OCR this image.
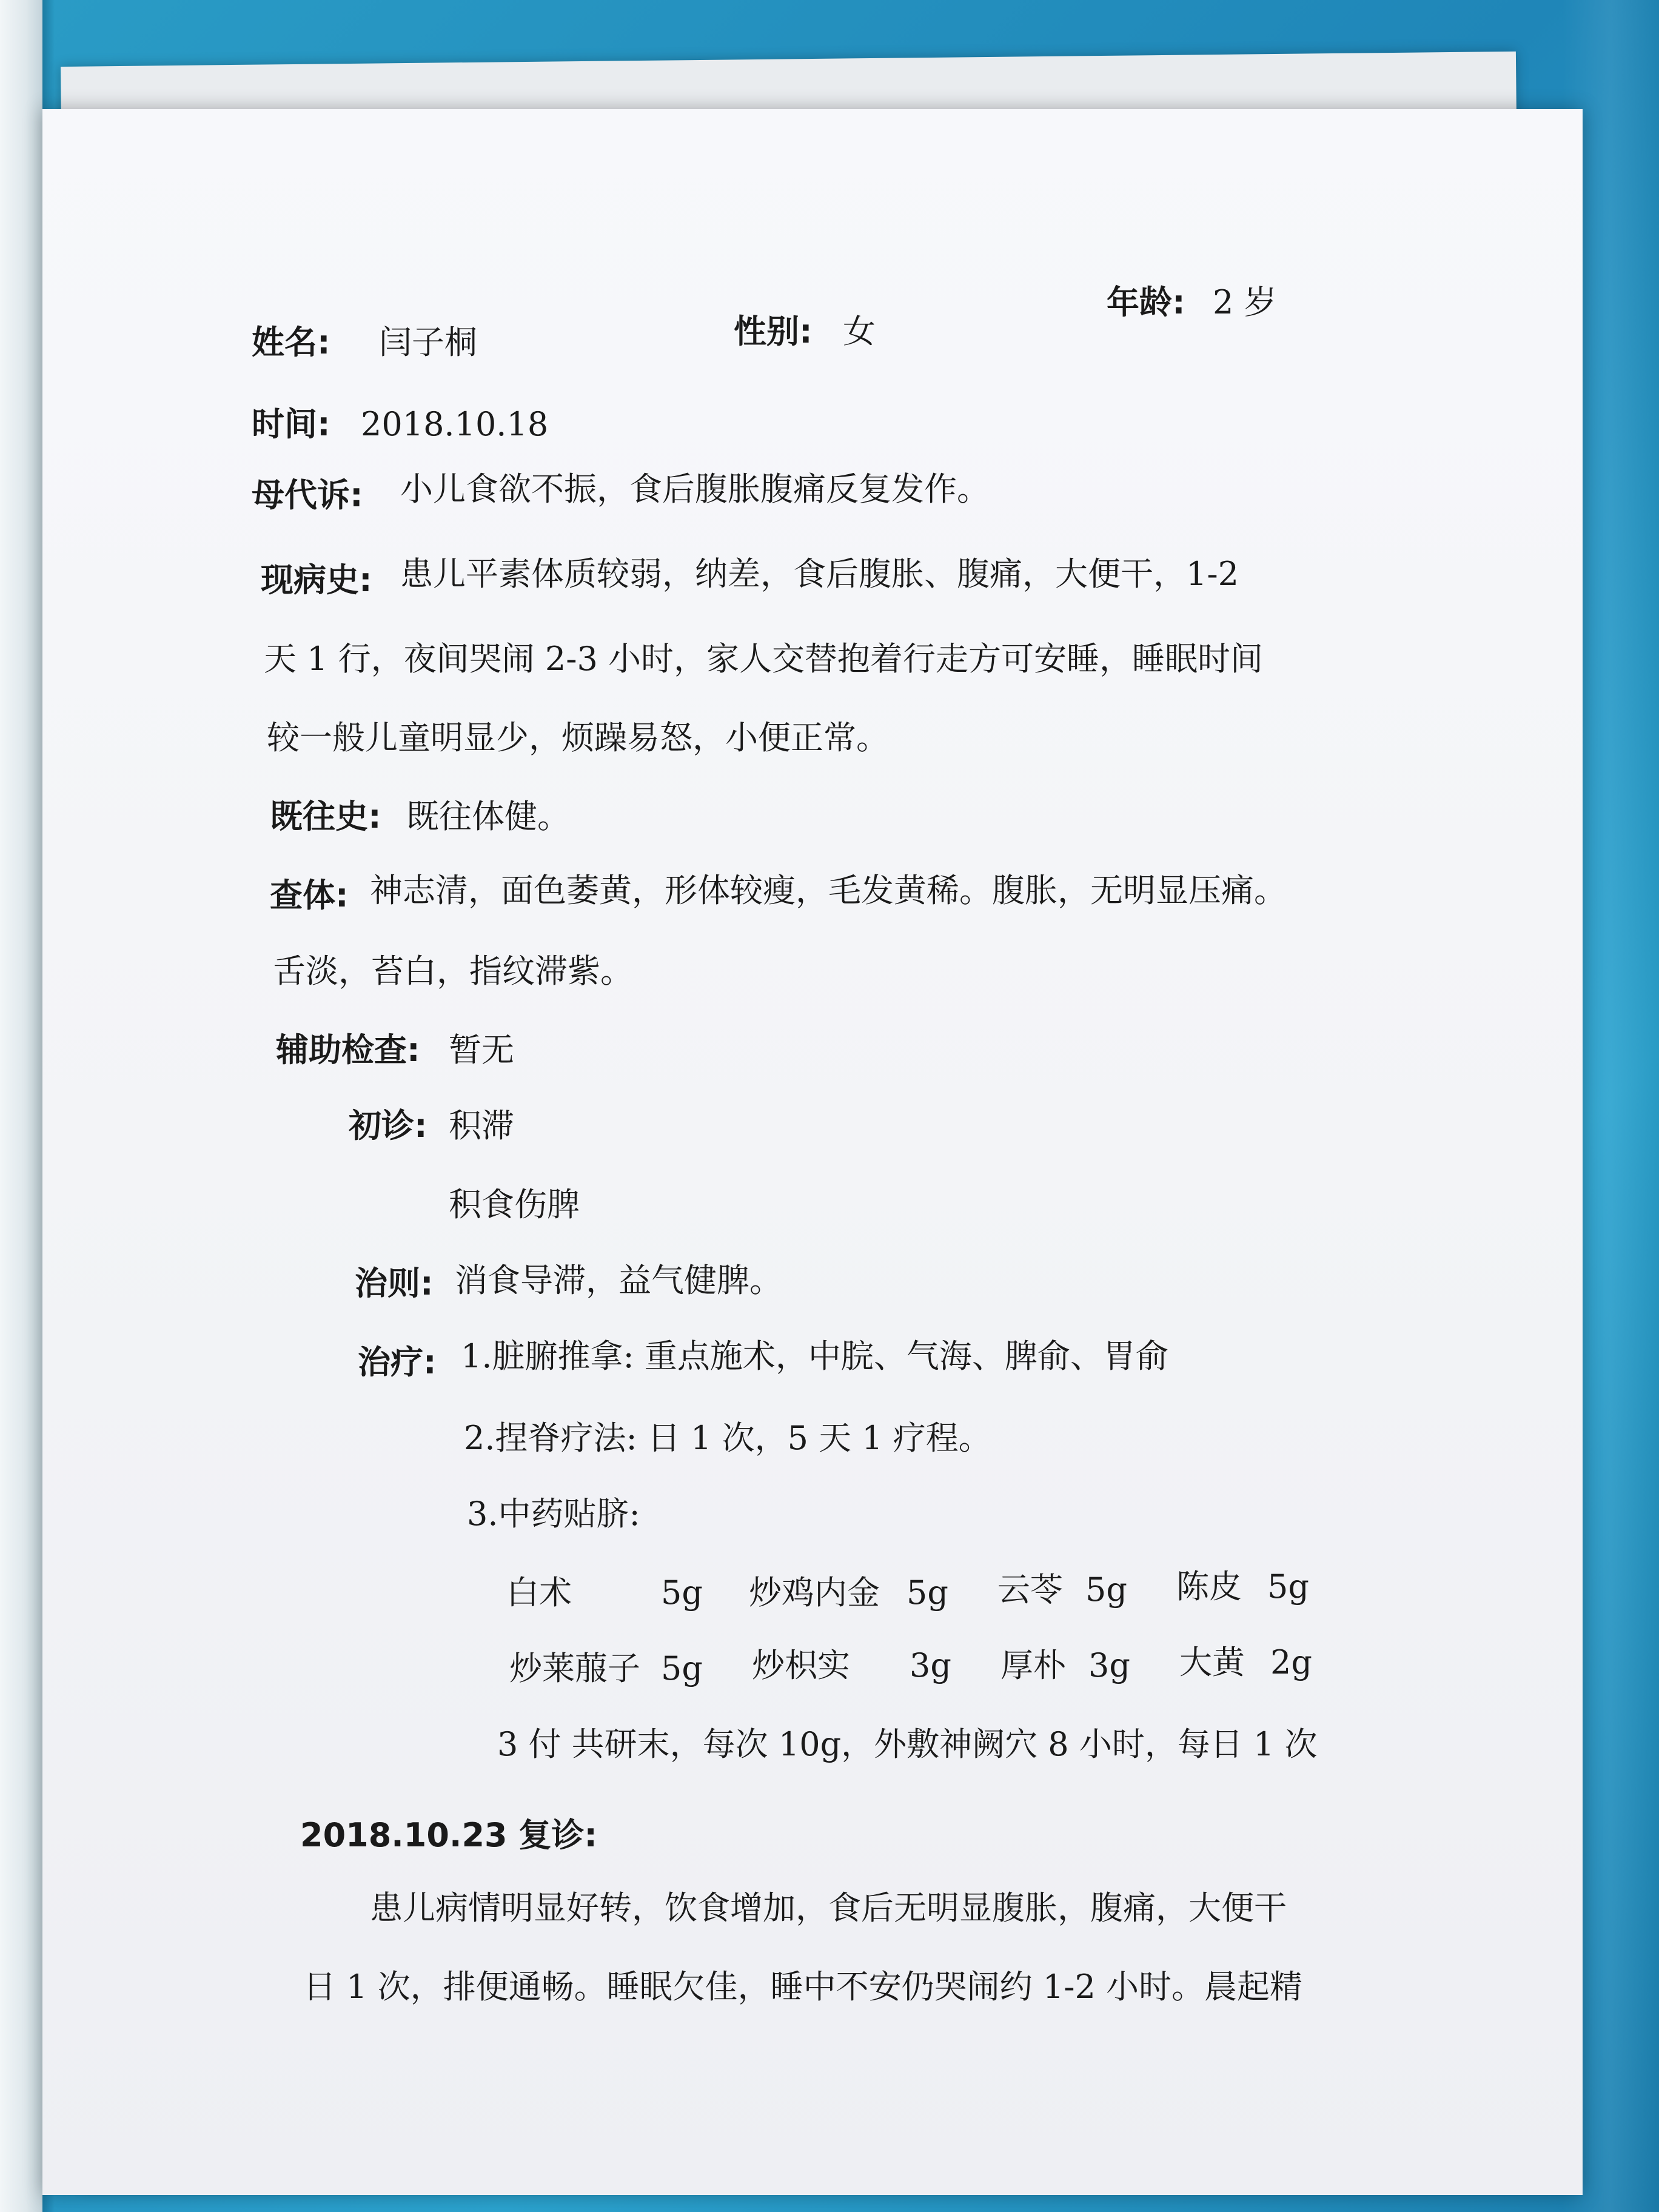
姓名: 闫子桐	性别: 女
年龄: 2 岁
时间: 2018.10.18
母代诉: 小儿食欲不振，食后腹胀腹痛反复发作。
现病史: 患儿平素体质较弱，纳差，食后腹胀、腹痛，大便干，1-2
天 1 行，夜间哭闹 2-3 小时，家人交替抱着行走方可安睡，睡眠时间
较一般儿童明显少，烦躁易怒，小便正常。
既往史: 既往体健。
查体: 神志清，面色萎黄，形体较瘦，毛发黄稀。腹胀，无明显压痛。
舌淡，苔白，指纹滞紫。
辅助检查: 暂无
初诊: 积滞
积食伤脾
治则: 消食导滞，益气健脾。
治疗: 1.脏腑推拿: 重点施术，中脘、气海、脾俞、胃俞
2.捏脊疗法: 日 1 次，5 天 1 疗程。
3.中药贴脐:
白术	5g 炒鸡内金 5g 云苓 5g 陈皮 5g
炒莱菔子 5g 炒枳实 3g 厚朴 3g 大黄 2g
3 付 共研末，每次 10g，外敷神阙穴 8 小时，每日 1 次
2018.10.23 复诊:
患儿病情明显好转，饮食增加，食后无明显腹胀，腹痛，大便干
日 1 次，排便通畅。睡眠欠佳，睡中不安仍哭闹约 1-2 小时。晨起精
